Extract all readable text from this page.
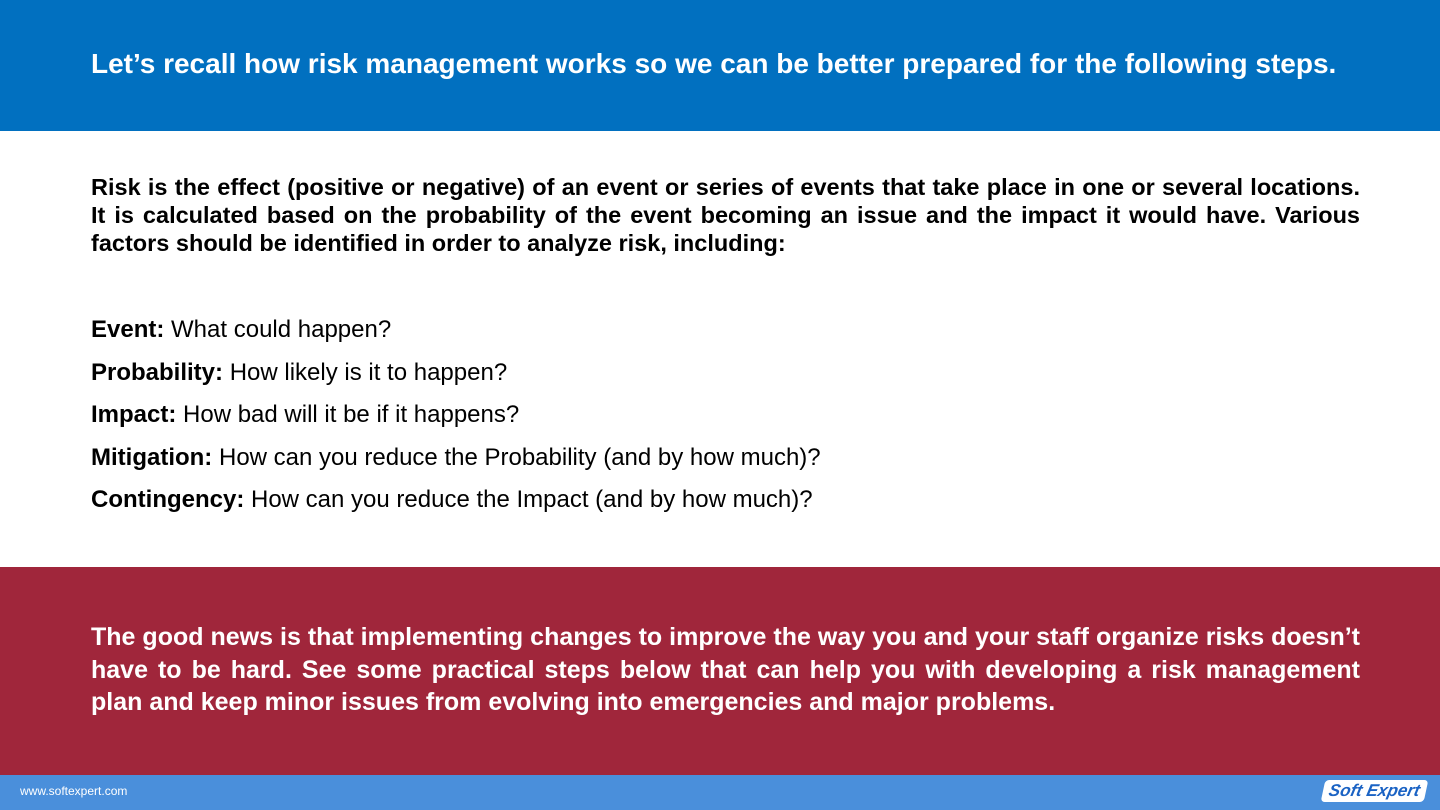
Let’s recall how risk management works so we can be better prepared for the following steps.

Risk is the effect (positive or negative) of an event or series of events that take place in one or several locations. It is calculated based on the probability of the event becoming an issue and the impact it would have. Various factors should be identified in order to analyze risk, including:

Event: What could happen?
Probability: How likely is it to happen?
Impact: How bad will it be if it happens?
Mitigation: How can you reduce the Probability (and by how much)?
Contingency: How can you reduce the Impact (and by how much)?

The good news is that implementing changes to improve the way you and your staff organize risks doesn’t have to be hard. See some practical steps below that can help you with developing a risk management plan and keep minor issues from evolving into emergencies and major problems.

www.softexpert.com	Soft
Expert
